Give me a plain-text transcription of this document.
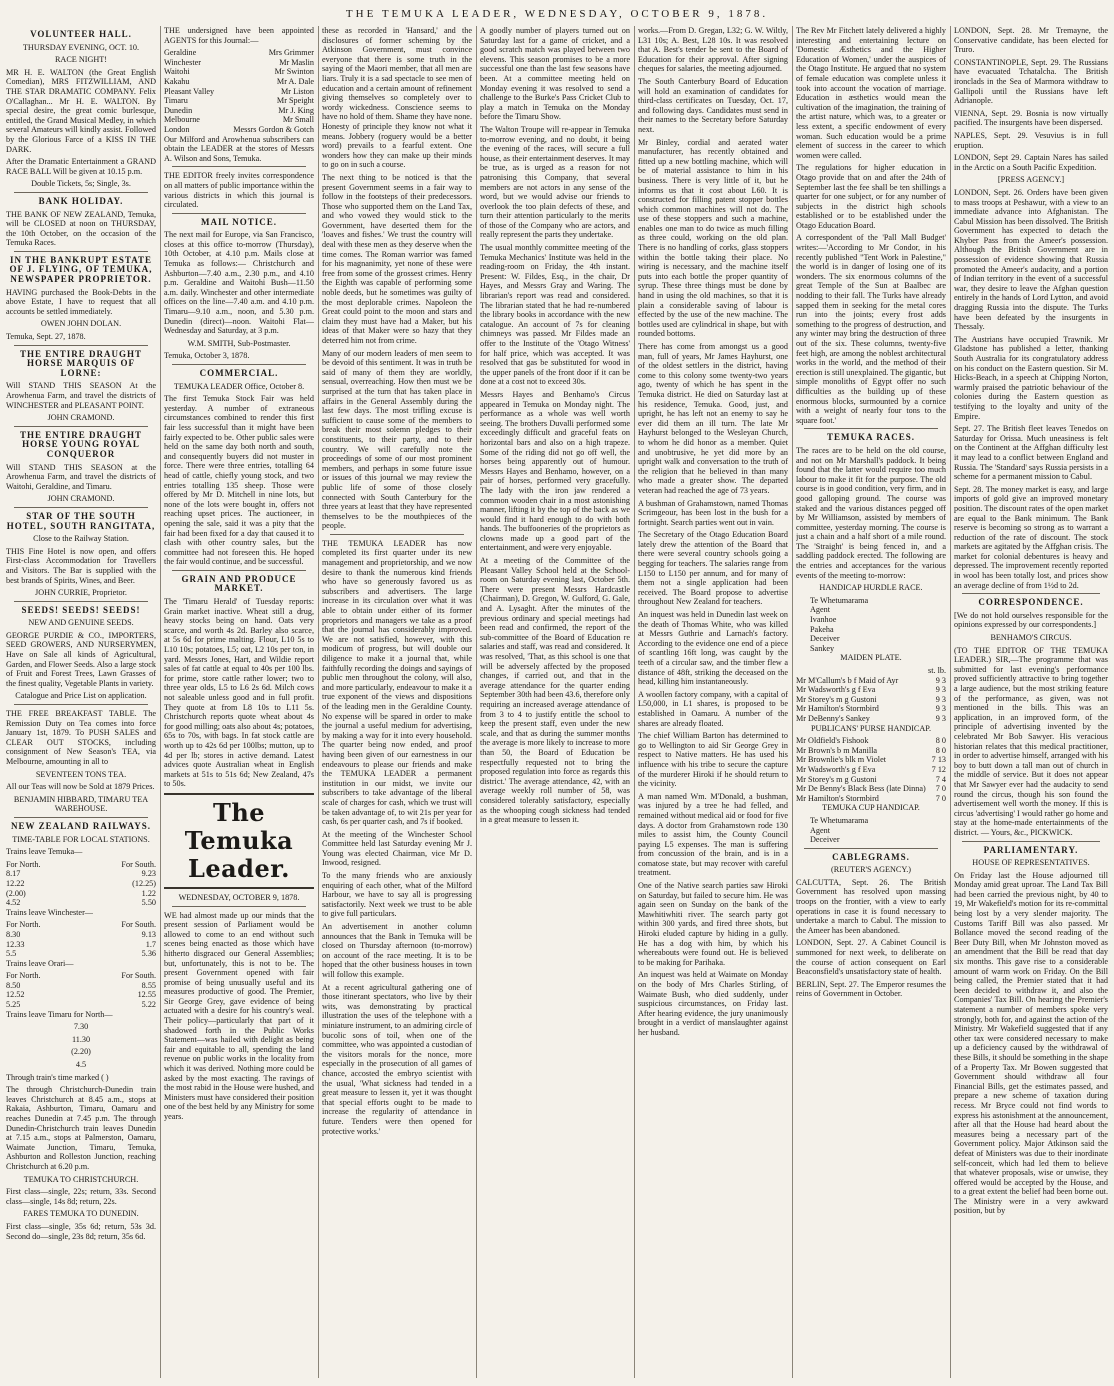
THE TEMUKA LEADER, WEDNESDAY, OCTOBER 9, 1878.
VOLUNTEER HALL.
THURSDAY EVENING, OCT. 10.
RACE NIGHT!

MR H. E. WALTON (the Great English Comedian), MRS FITZWILLIAM, AND THE STAR DRAMATIC COMPANY. Felix O'Callaghan... Mr H. E. WALTON. By special desire, the great comic burlesque, entitled, the Grand Musical Medley, in which several Amateurs will kindly assist. Followed by the Glorious Farce of a KISS IN THE DARK.

After the Dramatic Entertainment a GRAND RACE BALL Will be given at 10.15 p.m.

Double Tickets, 5s; Single, 3s.
BANK HOLIDAY.

THE BANK OF NEW ZEALAND, Temuka, will be CLOSED at noon on THURSDAY, the 10th October, on the occasion of the Temuka Races.

IN THE BANKRUPT ESTATE OF J. FLYING, OF TEMUKA, NEWSPAPER PROPRIETOR.

HAVING purchased the Book-Debts in the above Estate, I have to request that all accounts be settled immediately.

OWEN JOHN DOLAN.
Temuka, Sept. 27, 1878.
THE ENTIRE DRAUGHT HORSE MARQUIS OF LORNE:

Will STAND THIS SEASON At the Arowhenua Farm, and travel the districts of WINCHESTER and PLEASANT POINT.

JOHN CRAMOND.
THE ENTIRE DRAUGHT HORSE YOUNG ROYAL CONQUEROR

Will STAND THIS SEASON at the Arowhenua Farm, and travel the districts of Waitohi, Geraldine, and Timaru.

JOHN CRAMOND.
STAR OF THE SOUTH HOTEL, SOUTH RANGITATA,
Close to the Railway Station.

THIS Fine Hotel is now open, and offers First-class Accommodation for Travellers and Visitors. The Bar is supplied with the best brands of Spirits, Wines, and Beer.

JOHN CURRIE, Proprietor.
SEEDS! SEEDS! SEEDS!
NEW AND GENUINE SEEDS.

GEORGE PURDIE & CO., IMPORTERS, SEED GROWERS, AND NURSERYMEN, Have on Sale all kinds of Agricultural, Garden, and Flower Seeds. Also a large stock of Fruit and Forest Trees, Lawn Grasses of the finest quality, Vegetable Plants in variety.

Catalogue and Price List on application.

THE FREE BREAKFAST TABLE. The Remission Duty on Tea comes into force January 1st, 1879. To PUSH SALES and CLEAR OUT STOCKS, including consignment of New Season's TEA, via Melbourne, amounting in all to

SEVENTEEN TONS TEA.

All our Teas will now be Sold at 1879 Prices.

BENJAMIN HIBBARD, TIMARU TEA WAREHOUSE.
NEW ZEALAND RAILWAYS.
TIME-TABLE FOR LOCAL STATIONS.
Trains leave Temuka—
For North.	For South.
8.17	9.23
12.22	(12.25)
(2.00)	1.22
4.52	5.50
Trains leave Winchester—
For North.	For South.
8.30	9.13
12.33	1.7
5.5	5.36
Trains leave Orari—
For North.	For South.
8.50	8.55
12.52	12.55
5.25	5.22
Trains leave Timaru for North—
7.30
11.30
(2.20)
4.5
Through train's time marked ( )

The through Christchurch-Dunedin train leaves Christchurch at 8.45 a.m., stops at Rakaia, Ashburton, Timaru, Oamaru and reaches Dunedin at 7.45 p.m. The through Dunedin-Christchurch train leaves Dunedin at 7.15 a.m., stops at Palmerston, Oamaru, Waimate Junction, Timaru, Temuka, Ashburton and Rolleston Junction, reaching Christchurch at 6.20 p.m.

TEMUKA TO CHRISTCHURCH.

First class—single, 22s; return, 33s. Second class—single, 14s 8d; return, 22s.

FARES TEMUKA TO DUNEDIN.

First class—single, 35s 6d; return, 53s 3d. Second do—single, 23s 8d; return, 35s 6d.

THE undersigned have been appointed AGENTS for this Journal:—

Geraldine	Mrs Grimmer
Winchester	Mr Maslin
Waitohi	Mr Swinton
Kakahu	Mr A. Dale
Pleasant Valley	Mr Liston
Timaru	Mr Speight
Dunedin	Mr J. King
Melbourne	Mr Small
London	Messrs Gordon & Gotch

Our Milford and Arowhenua subscribers can obtain the LEADER at the stores of Messrs A. Wilson and Sons, Temuka.

THE EDITOR freely invites correspondence on all matters of public importance within the various districts in which this journal is circulated.

MAIL NOTICE.

The next mail for Europe, via San Francisco, closes at this office to-morrow (Thursday), 10th October, at 4.10 p.m. Mails close at Temuka as follows:— Christchurch and Ashburton—7.40 a.m., 2.30 p.m., and 4.10 p.m. Geraldine and Waitohi Bush—11.50 a.m. daily. Winchester and other intermediate offices on the line—7.40 a.m. and 4.10 p.m. Timaru—9.10 a.m., noon, and 5.30 p.m. Dunedin (direct)—noon. Waitohi Flat—Wednesday and Saturday, at 3 p.m.

W.M. SMITH, Sub-Postmaster.
Temuka, October 3, 1878.
COMMERCIAL.
TEMUKA LEADER Office, October 8.

The first Temuka Stock Fair was held yesterday. A number of extraneous circumstances combined to render this first fair less successful than it might have been fairly expected to be. Other public sales were held on the same day both north and south, and consequently buyers did not muster in force. There were three entries, totalling 64 head of cattle, chiefly young stock, and two entries totalling 135 sheep. Those were offered by Mr D. Mitchell in nine lots, but none of the lots were bought in, offers not reaching upset prices. The auctioneer, in opening the sale, said it was a pity that the fair had been fixed for a day that caused it to clash with other country sales, but the committee had not foreseen this. He hoped the fair would continue, and be successful.

GRAIN AND PRODUCE MARKET.

The 'Timaru Herald' of Tuesday reports: Grain market inactive. Wheat still a drug, heavy stocks being on hand. Oats very scarce, and worth 4s 2d. Barley also scarce, at 5s 6d for prime malting. Flour, L10 5s to L10 10s; potatoes, L5; oat, L2 10s per ton, in yard. Messrs Jones, Hart, and Wildie report sales of fat cattle at equal to 40s per 100 lbs. for prime, store cattle rather lower; two to three year olds, L5 to L6 2s 6d. Milch cows not saleable unless good and in full profit. They quote at from L8 10s to L11 5s. Christchurch reports quote wheat about 4s for good milling; oats also about 4s; potatoes, 65s to 70s, with bags. In fat stock cattle are worth up to 42s 6d per 100lbs; mutton, up to 4d per lb; stores in active demand. Latest advices quote Australian wheat in English markets at 51s to 51s 6d; New Zealand, 47s to 50s.

The Temuka Leader.
WEDNESDAY, OCTOBER 9, 1878.

WE had almost made up our minds that the present session of Parliament would be allowed to come to an end without such scenes being enacted as those which have hitherto disgraced our General Assemblies; but, unfortunately, this is not to be. The present Government opened with fair promise of being unusually useful and its measures productive of good. The Premier, Sir George Grey, gave evidence of being actuated with a desire for his country's weal. Their policy—particularly that part of it shadowed forth in the Public Works Statement—was hailed with delight as being fair and equitable to all, spending the land revenue on public works in the locality from which it was derived. Nothing more could be asked by the most exacting. The ravings of the most rabid in the House were hushed, and Ministers must have considered their position one of the best held by any Ministry for some years.

these as recorded in 'Hansard,' and the disclosures of former scheming by the Atkinson Government, must convince everyone that there is some truth in the saying of the Maori member, that all men are liars. Truly it is a sad spectacle to see men of education and a certain amount of refinement giving themselves so completely over to wordy wickedness. Conscience seems to have no hold of them. Shame they have none. Honesty of principle they know not what it means. Jobbery (roguery would be a better word) prevails to a fearful extent. One wonders how they can make up their minds to go on in such a course.

The next thing to be noticed is that the present Government seems in a fair way to follow in the footsteps of their predecessors. Those who supported them on the Land Tax, and who vowed they would stick to the Government, have deserted them for the 'loaves and fishes.' We trust the country will deal with these men as they deserve when the time comes. The Roman warrior was famed for his magnanimity, yet none of these were free from some of the grossest crimes. Henry the Eighth was capable of performing some noble deeds, but he sometimes was guilty of the most deplorable crimes. Napoleon the Great could point to the moon and stars and claim they must have had a Maker, but his ideas of that Maker were so hazy that they deterred him not from crime.

Many of our modern leaders of men seem to be devoid of this sentiment. It was in truth be said of many of them they are worldly, sensual, overreaching. How then must we be surprised at the turn that has taken place in affairs in the General Assembly during the last few days. The most trifling excuse is sufficient to cause some of the members to break their most solemn pledges to their constituents, to their party, and to their country. We will carefully note the proceedings of some of our most prominent members, and perhaps in some future issue or issues of this journal we may review the public life of some of those closely connected with South Canterbury for the three years at least that they have represented themselves to be the mouthpieces of the people.

THE TEMUKA LEADER has now completed its first quarter under its new management and proprietorship, and we now desire to thank the numerous kind friends who have so generously favored us as subscribers and advertisers. The large increase in its circulation over what it was able to obtain under either of its former proprietors and managers we take as a proof that the journal has considerably improved. We are not satisfied, however, with this modicum of progress, but will double our diligence to make it a journal that, while faithfully recording the doings and sayings of public men throughout the colony, will also, and more particularly, endeavour to make it a true exponent of the views and dispositions of the leading men in the Geraldine County. No expense will be spared in order to make the journal a useful medium for advertising, by making a way for it into every household. The quarter being now ended, and proof having been given of our earnestness in our endeavours to please our friends and make the TEMUKA LEADER a permanent institution in our midst, we invite our subscribers to take advantage of the liberal scale of charges for cash, which we trust will be taken advantage of, to wit 21s per year for cash, 6s per quarter cash, and 7s if booked.

At the meeting of the Winchester School Committee held last Saturday evening Mr J. Young was elected Chairman, vice Mr D. Inwood, resigned.

To the many friends who are anxiously enquiring of each other, what of the Milford Harbour, we have to say all is progressing satisfactorily. Next week we trust to be able to give full particulars.

An advertisement in another column announces that the Bank in Temuka will be closed on Thursday afternoon (to-morrow) on account of the race meeting. It is to be hoped that the other business houses in town will follow this example.

At a recent agricultural gathering one of those itinerant spectators, who live by their wits, was demonstrating by practical illustration the uses of the telephone with a miniature instrument, to an admiring circle of bucolic sons of toil, when one of the committee, who was appointed a custodian of the visitors morals for the nonce, more especially in the prosecution of all games of chance, accosted the embryo scientist with the usual, 'What sickness had tended in a great measure to lessen it, yet it was thought that special efforts ought to be made to increase the regularity of attendance in future. Tenders were then opened for protective works.'

A goodly number of players turned out on Saturday last for a game of cricket, and a good scratch match was played between two elevens. This season promises to be a more successful one than the last few seasons have been. At a committee meeting held on Monday evening it was resolved to send a challenge to the Burke's Pass Cricket Club to play a match in Temuka on the Monday before the Timaru Show.

The Walton Troupe will re-appear in Temuka to-morrow evening, and no doubt, it being the evening of the races, will secure a full house, as their entertainment deserves. It may be true, as is urged as a reason for not patronising this Company, that several members are not actors in any sense of the word, but we would advise our friends to overlook the too plain defects of these, and turn their attention particularly to the merits of those of the Company who are actors, and really represent the parts they undertake.

The usual monthly committee meeting of the Temuka Mechanics' Institute was held in the reading-room on Friday, the 4th instant. Present: W. Fildes, Esq., in the chair, Dr Hayes, and Messrs Gray and Waring. The librarian's report was read and considered. The librarian stated that he had re-numbered the library books in accordance with the new catalogue. An account of 7s for cleaning chimneys was passed. Mr Fildes made an offer to the Institute of the 'Otago Witness' for half price, which was accepted. It was resolved that gas be substituted for wood in the upper panels of the front door if it can be done at a cost not to exceed 30s.

Messrs Hayes and Benhamo's Circus appeared in Temuka on Monday night. The performance as a whole was well worth seeing. The brothers Duvalli performed some exceedingly difficult and graceful feats on horizontal bars and also on a high trapeze. Some of the riding did not go off well, the horses being apparently out of humour. Messrs Hayes and Benhamo, however, on a pair of horses, performed very gracefully. The lady with the iron jaw rendered a common wooden chair in a most astonishing manner, lifting it by the top of the back as we would find it hard enough to do with both hands. The buffooneries of the proprietors as clowns made up a good part of the entertainment, and were very enjoyable.

At a meeting of the Committee of the Pleasant Valley School held at the School-room on Saturday evening last, October 5th. There were present Messrs Hardcastle (Chairman), D. Gregon, W. Gulford, G. Gale, and A. Lysaght. After the minutes of the previous ordinary and special meetings had been read and confirmed, the report of the sub-committee of the Board of Education re salaries and staff, was read and considered. It was resolved, 'That, as this school is one that will be adversely affected by the proposed changes, if carried out, and that in the average attendance for the quarter ending September 30th had been 43.6, therefore only requiring an increased average attendance of from 3 to 4 to justify entitle the school to keep the present staff, even under the new scale, and that as during the summer months the average is more likely to increase to more than 50, the Board of Education be respectfully requested not to bring the proposed regulation into force as regards this district.' The average attendance, 42, with an average weekly roll number of 58, was considered tolerably satisfactory, especially as the whooping cough sickness had tended in a great measure to lessen it.

works.—From D. Gregan, L32; G. W. Wiltly, L31 10s; A. Best, L28 10s. It was resolved that A. Best's tender be sent to the Board of Education for their approval. After signing cheques for salaries, the meeting adjourned.

The South Canterbury Board of Education will hold an examination of candidates for third-class certificates on Tuesday, Oct. 17, and following days. Candidates must send in their names to the Secretary before Saturday next.

Mr Binley, cordial and aerated water manufacturer, has recently obtained and fitted up a new bottling machine, which will be of material assistance to him in his business. There is very little of it, but he informs us that it cost about L60. It is constructed for filling patent stopper bottles which common machines will not do. The use of these stoppers and such a machine, enables one man to do twice as much filling as three could, working on the old plan. There is no handling of corks, glass stoppers within the bottle taking their place. No wiring is necessary, and the machine itself puts into each bottle the proper quantity of syrup. These three things must be done by hand in using the old machines, so that it is plain a considerable saving of labour is effected by the use of the new machine. The bottles used are cylindrical in shape, but with rounded bottoms.

There has come from amongst us a good man, full of years, Mr James Hayhurst, one of the oldest settlers in the district, having come to this colony some twenty-two years ago, twenty of which he has spent in the Temuka district. He died on Saturday last at his residence, Temuka. Good, just, and upright, he has left not an enemy to say he ever did them an ill turn. The late Mr Hayhurst belonged to the Wesleyan Church, to whom he did honor as a member. Quiet and unobtrusive, he yet did more by an upright walk and conversation to the truth of the religion that he believed in than many who made a greater show. The departed veteran had reached the age of 73 years.

A bushman of Grahamstown, named Thomas Scrimgeour, has been lost in the bush for a fortnight. Search parties went out in vain.

The Secretary of the Otago Education Board lately drew the attention of the Board that there were several country schools going a begging for teachers. The salaries range from L150 to L150 per annum, and for many of them not a single application had been received. The Board propose to advertise throughout New Zealand for teachers.

An inquest was held in Dunedin last week on the death of Thomas White, who was killed at Messrs Guthrie and Larnach's factory. According to the evidence one end of a piece of scantling 16ft long, was caught by the teeth of a circular saw, and the timber flew a distance of 48ft, striking the deceased on the head, killing him instantaneously.

A woollen factory company, with a capital of L50,000, in L1 shares, is proposed to be established in Oamaru. A number of the shares are already floated.

The chief William Barton has determined to go to Wellington to aid Sir George Grey in respect to Native matters. He has used his influence with his tribe to secure the capture of the murderer Hiroki if he should return to the vicinity.

A man named Wm. M'Donald, a bushman, was injured by a tree he had felled, and remained without medical aid or food for five days. A doctor from Grahamstown rode 130 miles to assist him, the County Council paying L5 expenses. The man is suffering from concussion of the brain, and is in a comatose state, but may recover with careful treatment.

One of the Native search parties saw Hiroki on Saturday, but failed to secure him. He was again seen on Sunday on the bank of the Mawhitiwhiti river. The search party got within 300 yards, and fired three shots, but Hiroki eluded capture by hiding in a gully. He has a dog with him, by which his whereabouts were found out. He is believed to be making for Parihaka.

An inquest was held at Waimate on Monday on the body of Mrs Charles Stirling, of Waimate Bush, who died suddenly, under suspicious circumstances, on Friday last. After hearing evidence, the jury unanimously brought in a verdict of manslaughter against her husband.

The Rev Mr Fitchett lately delivered a highly interesting and entertaining lecture on 'Domestic Æsthetics and the Higher Education of Women,' under the auspices of the Otago Institute. He argued that no system of female education was complete unless it took into account the vocation of marriage. Education in æsthetics would mean the cultivation of the imagination, the training of the artist nature, which was, to a greater or less extent, a specific endowment of every woman. Such education would be a prime element of success in the career to which women were called.

The regulations for higher education in Otago provide that on and after the 24th of September last the fee shall be ten shillings a quarter for one subject, or for any number of subjects in the district high schools established or to be established under the Otago Education Board.

A correspondent of the 'Pall Mall Budget' writes:—'According to Mr Condor, in his recently published "Tent Work in Palestine," the world is in danger of losing one of its wonders. The six enormous columns of the great Temple of the Sun at Baalbec are nodding to their fall. The Turks have already sapped them in seeking for the metal cores run into the joints; every frost adds something to the progress of destruction, and any winter may bring the destruction of three out of the six. These columns, twenty-five feet high, are among the noblest architectural works in the world, and the method of their erection is still unexplained. The gigantic, but simple monoliths of Egypt offer no such difficulties as the building up of these enormous blocks, surmounted by a cornice with a weight of nearly four tons to the square foot.'

TEMUKA RACES.

The races are to be held on the old course, and not on Mr Marshall's paddock. It being found that the latter would require too much labour to make it fit for the purpose. The old course is in good condition, very firm, and in good galloping ground. The course was staked and the various distances pegged off by Mr Williamson, assisted by members of committee, yesterday morning. The course is just a chain and a half short of a mile round. The 'Straight' is being fenced in, and a saddling paddock erected. The following are the entries and acceptances for the various events of the meeting to-morrow:

HANDICAP HURDLE RACE.
Te Whetumarama
Agent
Ivanhoe
Pakeha
Deceiver
Sankey
MAIDEN PLATE.
	st. lb.
Mr M'Callum's b f Maid of Ayr	9 3
Mr Wadsworth's g f Eva	9 3
Mr Storey's m g Gustoni	9 3
Mr Hamilton's Stormbird	9 3
Mr DeBenny's Sankey	9 3
PUBLICANS' PURSE HANDICAP.
Mr Oldfield's Fishook	8 0
Mr Brown's b m Manilla	8 0
Mr Brownlie's blk m Violet	7 13
Mr Wadsworth's g f Eva	7 12
Mr Storey's m g Gustoni	7 4
Mr De Benny's Black Bess (late Dinna)	7 0
Mr Hamilton's Stormbird	7 0
TEMUKA CUP HANDICAP.
Te Whetumarama
Agent
Deceiver
CABLEGRAMS.
(REUTER'S AGENCY.)

CALCUTTA, Sept. 26. The British Government has resolved upon massing troops on the frontier, with a view to early operations in case it is found necessary to undertake a march to Cabul. The mission to the Ameer has been abandoned.

LONDON, Sept. 27. A Cabinet Council is summoned for next week, to deliberate on the course of action consequent on Earl Beaconsfield's unsatisfactory state of health.

BERLIN, Sept. 27. The Emperor resumes the reins of Government in October.

LONDON, Sept. 28. Mr Tremayne, the Conservative candidate, has been elected for Truro.

CONSTANTINOPLE, Sept. 29. The Russians have evacuated Tchatalcha. The British ironclads in the Sea of Marmora withdraw to Gallipoli until the Russians have left Adrianople.

VIENNA, Sept. 29. Bosnia is now virtually pacified. The insurgents have been dispersed.

NAPLES, Sept. 29. Vesuvius is in full eruption.

LONDON, Sept 29. Captain Nares has sailed in the Arctic on a South Pacific Expedition.

[PRESS AGENCY.]

LONDON, Sept. 26. Orders have been given to mass troops at Peshawur, with a view to an immediate advance into Afghanistan. The Cabul Mission has been dissolved. The British Government has expected to detach the Khyber Pass from the Ameer's possession. Although the British Government are in possession of evidence showing that Russia promoted the Ameer's audacity, and a portion of Indian territory in the event of a successful war, they desire to leave the Afghan question entirely in the hands of Lord Lytton, and avoid dragging Russia into the dispute. The Turks have been defeated by the insurgents in Thessaly.

The Austrians have occupied Trawnik. Mr Gladstone has published a letter, thanking South Australia for its congratulatory address on his conduct on the Eastern question. Sir M. Hicks-Beach, in a speech at Chipping Norton, warmly praised the patriotic behaviour of the colonies during the Eastern question as testifying to the loyalty and unity of the Empire.

Sept. 27. The British fleet leaves Tenedos on Saturday for Orissa. Much uneasiness is felt on the Continent at the Affghan difficulty lest it may lead to a conflict between England and Russia. The 'Standard' says Russia persists in a scheme for a permanent mission to Cabul.

Sept. 28. The money market is easy, and large imports of gold give an improved monetary position. The discount rates of the open market are equal to the Bank minimum. The Bank reserve is becoming so strong as to warrant a reduction of the rate of discount. The stock markets are agitated by the Affghan crisis. The market for colonial debentures is heavy and depressed. The improvement recently reported in wool has been totally lost, and prices show an average decline of from 1½d to 2d.

CORRESPONDENCE.

[We do not hold ourselves responsible for the opinions expressed by our correspondents.]

BENHAMO'S CIRCUS.

(TO THE EDITOR OF THE TEMUKA LEADER.) SIR,—The programme that was submitted for last evening's performance proved sufficiently attractive to bring together a large audience, but the most striking feature of the performance, as given, was not mentioned in the bills. This was an application, in an improved form, of the principle of advertising invented by the celebrated Mr Bob Sawyer. His veracious historian relates that this medical practitioner, in order to advertise himself, arranged with his boy to butt down a tall man out of church in the middle of service. But it does not appear that Mr Sawyer ever had the audacity to send round the circus, though his son found the advertisement well worth the money. If this is circus 'advertising' I would rather go home and stay at the home-made entertainments of the district. — Yours, &c., PICKWICK.

PARLIAMENTARY.
HOUSE OF REPRESENTATIVES.

On Friday last the House adjourned till Monday amid great uproar. The Land Tax Bill had been carried the previous night, by 40 to 19, Mr Wakefield's motion for its re-committal being lost by a very slender majority. The Customs Tariff Bill was also passed. Mr Bollance moved the second reading of the Beer Duty Bill, when Mr Johnston moved as an amendment that the Bill be read that day six months. This gave rise to a considerable amount of warm work on Friday. On the Bill being called, the Premier stated that it had been decided to withdraw it, and also the Companies' Tax Bill. On hearing the Premier's statement a number of members spoke very strongly, both for, and against the action of the Ministry. Mr Wakefield suggested that if any other tax were considered necessary to make up a deficiency caused by the withdrawal of these Bills, it should be something in the shape of a Property Tax. Mr Bowen suggested that Government should withdraw all four Financial Bills, get the estimates passed, and prepare a new scheme of taxation during recess. Mr Bryce could not find words to express his astonishment at the announcement, after all that the House had heard about the measures being a necessary part of the Government policy. Major Atkinson said the defeat of Ministers was due to their inordinate self-conceit, which had led them to believe that whatever proposals, wise or unwise, they offered would be accepted by the House, and to a great extent the belief had been borne out. The Ministry were in a very awkward position, but by
